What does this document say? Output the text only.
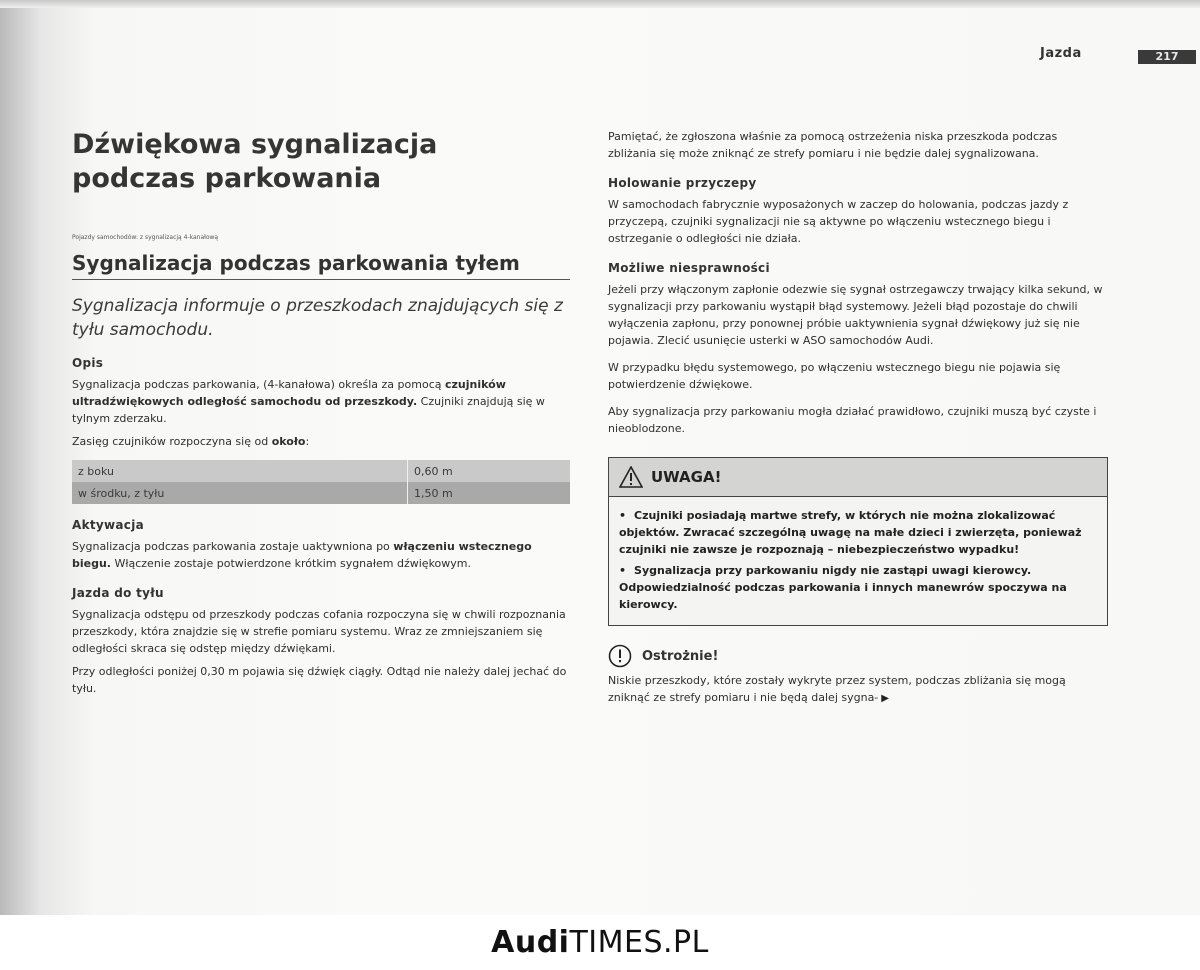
Jazda	217
Dźwiękowa sygnalizacja
podczas parkowania
Pojazdy samochodów: z sygnalizacją 4-kanałową
Sygnalizacja podczas parkowania tyłem
Sygnalizacja informuje o przeszkodach znajdujących się z tyłu samochodu.
Opis
Sygnalizacja podczas parkowania, (4-kanałowa) określa za pomocą czujników ultradźwiękowych odległość samochodu od przeszkody. Czujniki znajdują się w tylnym zderzaku.
Zasięg czujników rozpoczyna się od około:
z boku	0,60 m
w środku, z tyłu	1,50 m
Aktywacja
Sygnalizacja podczas parkowania zostaje uaktywniona po włączeniu wstecznego biegu. Włączenie zostaje potwierdzone krótkim sygnałem dźwiękowym.
Jazda do tyłu
Sygnalizacja odstępu od przeszkody podczas cofania rozpoczyna się w chwili rozpoznania przeszkody, która znajdzie się w strefie pomiaru systemu. Wraz ze zmniejszaniem się odległości skraca się odstęp między dźwiękami.
Przy odległości poniżej 0,30 m pojawia się dźwięk ciągły. Odtąd nie należy dalej jechać do tyłu.
Pamiętać, że zgłoszona właśnie za pomocą ostrzeżenia niska przeszkoda podczas zbliżania się może zniknąć ze strefy pomiaru i nie będzie dalej sygnalizowana.
Holowanie przyczepy
W samochodach fabrycznie wyposażonych w zaczep do holowania, podczas jazdy z przyczepą, czujniki sygnalizacji nie są aktywne po włączeniu wstecznego biegu i ostrzeganie o odległości nie działa.
Możliwe niesprawności
Jeżeli przy włączonym zapłonie odezwie się sygnał ostrzegawczy trwający kilka sekund, w sygnalizacji przy parkowaniu wystąpił błąd systemowy. Jeżeli błąd pozostaje do chwili wyłączenia zapłonu, przy ponownej próbie uaktywnienia sygnał dźwiękowy już się nie pojawia. Zlecić usunięcie usterki w ASO samochodów Audi.
W przypadku błędu systemowego, po włączeniu wstecznego biegu nie pojawia się potwierdzenie dźwiękowe.
Aby sygnalizacja przy parkowaniu mogła działać prawidłowo, czujniki muszą być czyste i nieoblodzone.
UWAGA!
• Czujniki posiadają martwe strefy, w których nie można zlokalizować objektów. Zwracać szczególną uwagę na małe dzieci i zwierzęta, ponieważ czujniki nie zawsze je rozpoznają – niebezpieczeństwo wypadku!
• Sygnalizacja przy parkowaniu nigdy nie zastąpi uwagi kierowcy. Odpowiedzialność podczas parkowania i innych manewrów spoczywa na kierowcy.
Ostrożnie!
Niskie przeszkody, które zostały wykryte przez system, podczas zbliżania się mogą zniknąć ze strefy pomiaru i nie będą dalej sygna- ▶
AudiTIMES.PL
